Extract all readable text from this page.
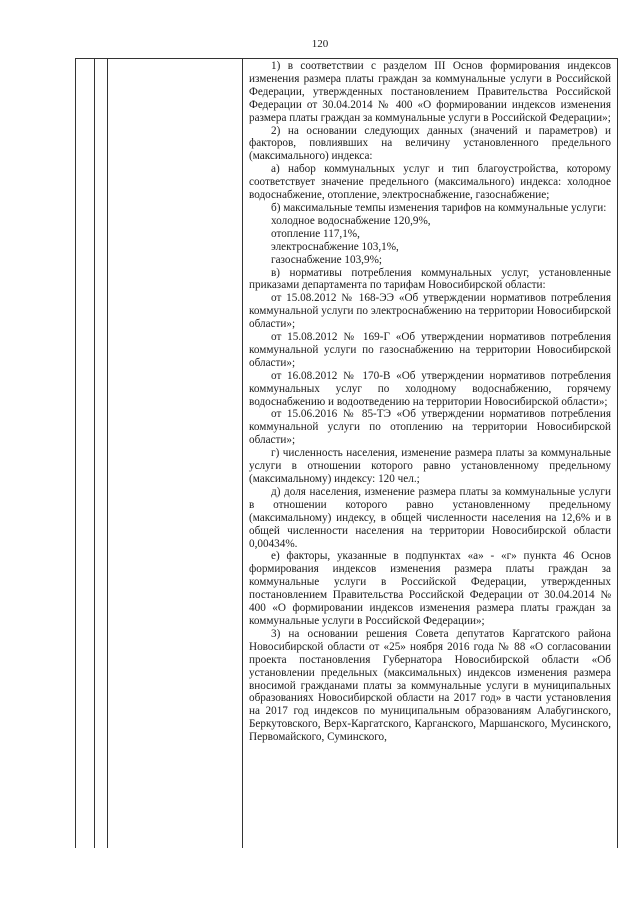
120

1) в соответствии с разделом III Основ формирования индексов изменения размера платы граждан за коммунальные услуги в Российской Федерации, утвержденных постановлением Правительства Российской Федерации от 30.04.2014 № 400 «О формировании индексов изменения размера платы граждан за коммунальные услуги в Российской Федерации»;

2) на основании следующих данных (значений и параметров) и факторов, повлиявших на величину установленного предельного (максимального) индекса:

а) набор коммунальных услуг и тип благоустройства, которому соответствует значение предельного (максимального) индекса: холодное водоснабжение, отопление, электроснабжение, газоснабжение;

б) максимальные темпы изменения тарифов на коммунальные услуги:

холодное водоснабжение 120,9%,

отопление 117,1%,

электроснабжение 103,1%,

газоснабжение 103,9%;

в) нормативы потребления коммунальных услуг, установленные приказами департамента по тарифам Новосибирской области:

от 15.08.2012 № 168-ЭЭ «Об утверждении нормативов потребления коммунальной услуги по электроснабжению на территории Новосибирской области»;

от 15.08.2012 № 169-Г «Об утверждении нормативов потребления коммунальной услуги по газоснабжению на территории Новосибирской области»;

от 16.08.2012 № 170-В «Об утверждении нормативов потребления коммунальных услуг по холодному водоснабжению, горячему водоснабжению и водоотведению на территории Новосибирской области»;

от 15.06.2016 № 85-ТЭ «Об утверждении нормативов потребления коммунальной услуги по отоплению на территории Новосибирской области»;

г) численность населения, изменение размера платы за коммунальные услуги в отношении которого равно установленному предельному (максимальному) индексу: 120 чел.;

д) доля населения, изменение размера платы за коммунальные услуги в отношении которого равно установленному предельному (максимальному) индексу, в общей численности населения на 12,6% и в общей численности населения на территории Новосибирской области 0,00434%.

е) факторы, указанные в подпунктах «а» - «г» пункта 46 Основ формирования индексов изменения размера платы граждан за коммунальные услуги в Российской Федерации, утвержденных постановлением Правительства Российской Федерации от 30.04.2014 № 400 «О формировании индексов изменения размера платы граждан за коммунальные услуги в Российской Федерации»;

3) на основании решения Совета депутатов Каргатского района Новосибирской области от «25» ноября 2016 года № 88 «О согласовании проекта постановления Губернатора Новосибирской области «Об установлении предельных (максимальных) индексов изменения размера вносимой гражданами платы за коммунальные услуги в муниципальных образованиях Новосибирской области на 2017 год» в части установления на 2017 год индексов по муниципальным образованиям Алабугинского, Беркутовского, Верх-Каргатского, Карганского, Маршанского, Мусинского, Первомайского, Суминского,
